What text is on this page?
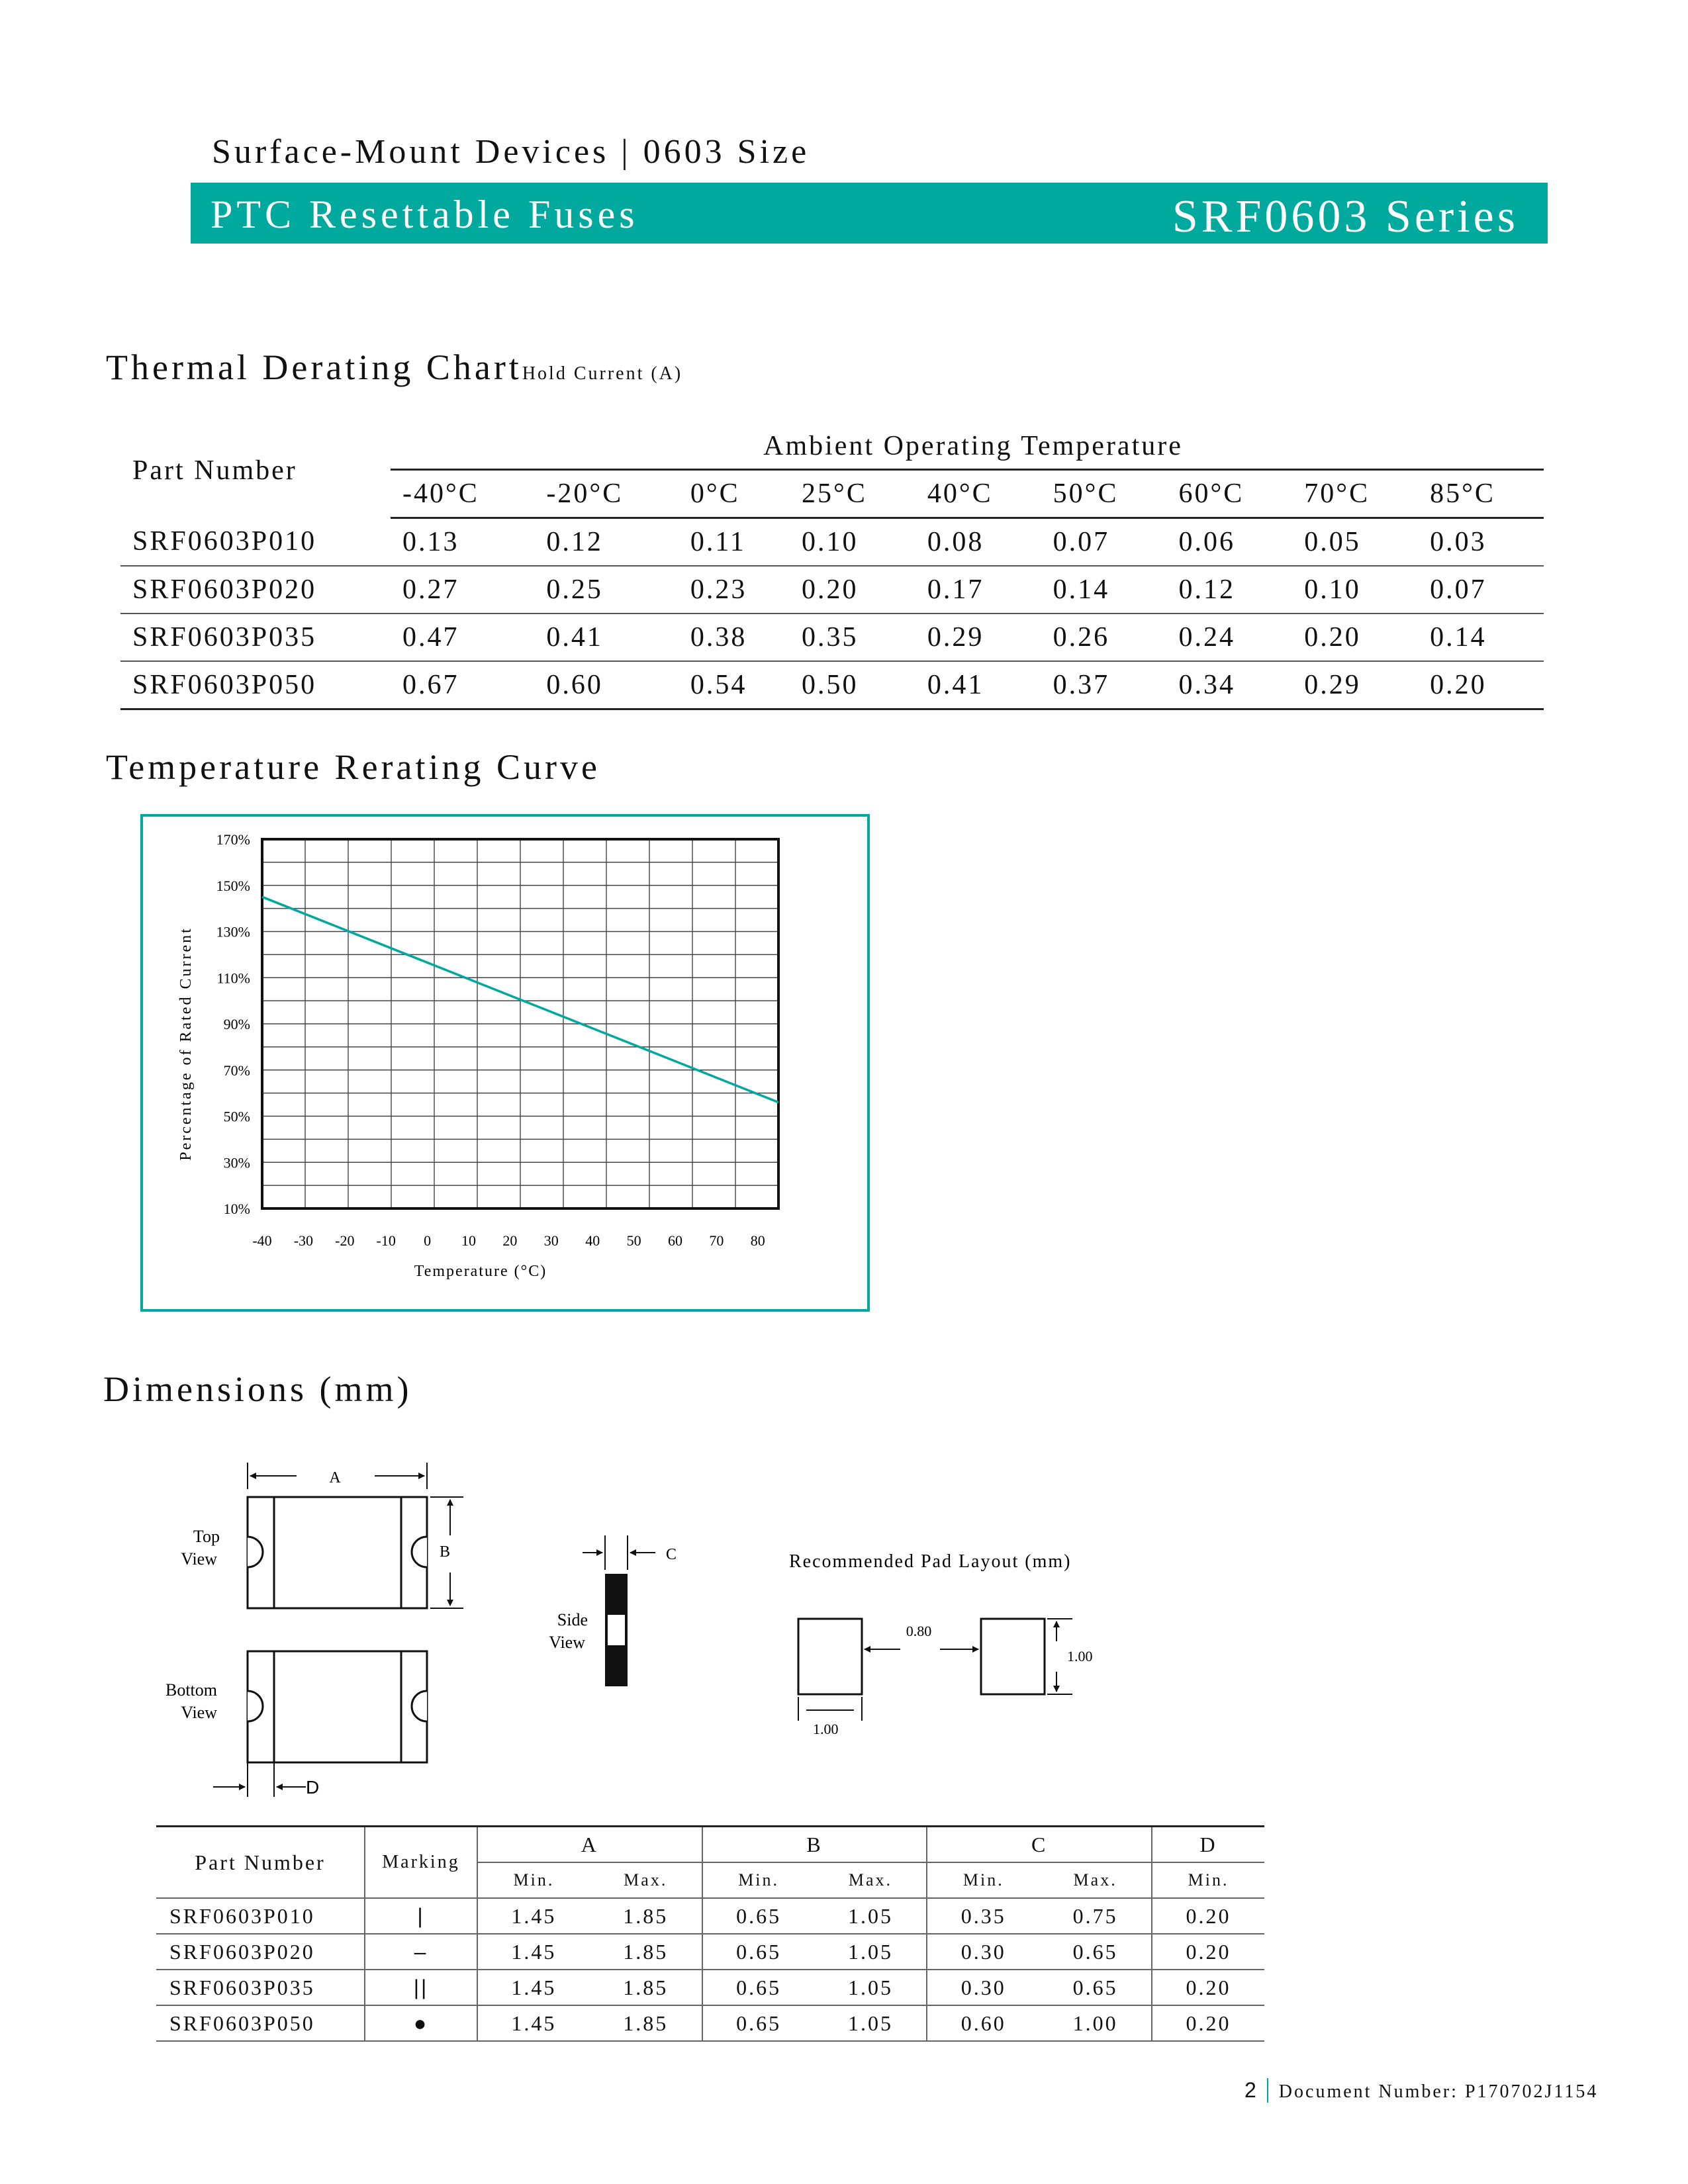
Surface-Mount Devices | 0603 Size
PTC Resettable Fuses	SRF0603 Series
Thermal Derating ChartHold Current (A)
Part Number	Ambient Operating Temperature								
	-40°C	-20°C	0°C	25°C	40°C	50°C	60°C	70°C	85°C
SRF0603P010	0.13	0.12	0.11	0.10	0.08	0.07	0.06	0.05	0.03
SRF0603P020	0.27	0.25	0.23	0.20	0.17	0.14	0.12	0.10	0.07
SRF0603P035	0.47	0.41	0.38	0.35	0.29	0.26	0.24	0.20	0.14
SRF0603P050	0.67	0.60	0.54	0.50	0.41	0.37	0.34	0.29	0.20
Temperature Rerating Curve
170%
150%
130%
110%
90%
70%
50%
30%
10%
-40 -30 -20 -10 0 10 20 30 40 50 60 70 80
Temperature (°C)
Percentage of Rated Current
Dimensions (mm)
A
B
Top
View
D
Bottom
View
C
Side
View
Recommended Pad Layout (mm)
0.80
1.00
1.00
Part Number	Marking	A		B		C		D
		Min.	Max.	Min.	Max.	Min.	Max.	Min.
SRF0603P010	|	1.45	1.85	0.65	1.05	0.35	0.75	0.20
SRF0603P020	–	1.45	1.85	0.65	1.05	0.30	0.65	0.20
SRF0603P035	||	1.45	1.85	0.65	1.05	0.30	0.65	0.20
SRF0603P050	●	1.45	1.85	0.65	1.05	0.60	1.00	0.20
2 Document Number: P170702J1154
